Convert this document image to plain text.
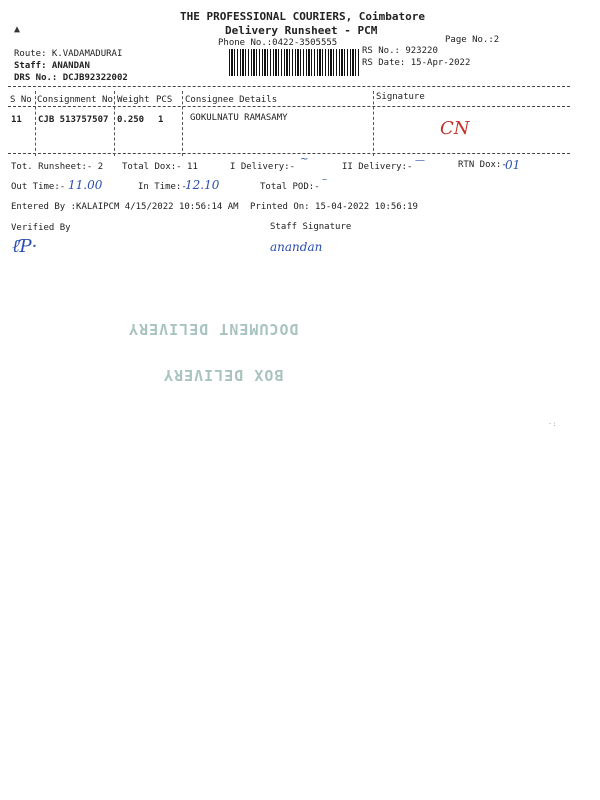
▲
THE PROFESSIONAL COURIERS, Coimbatore
Delivery Runsheet - PCM
Phone No.:0422-3505555	Page No.:2
Route: K.VADAMADURAI
Staff: ANANDAN
DRS No.: DCJB92322002
RS No.: 923220
RS Date: 15-Apr-2022
S No Consignment No Weight PCS Consignee Details	Signature
11 CJB 513757507 0.250 1	GOKULNATU RAMASAMY	CN
Tot. Runsheet:- 2 Total Dox:- 11	I Delivery:-
∼
II Delivery:-
—	RTN Dox:-
01
Out Time:- 11.00	In Time:-
12.10	Total POD:-
–
Entered By :KALAIPCM 4/15/2022 10:56:14 AM Printed On: 15-04-2022 10:56:19
Verified By	Staff Signature
ℓƤ·	anandan
DOCUMENT DELIVERY
BOX DELIVERY
⋅:
